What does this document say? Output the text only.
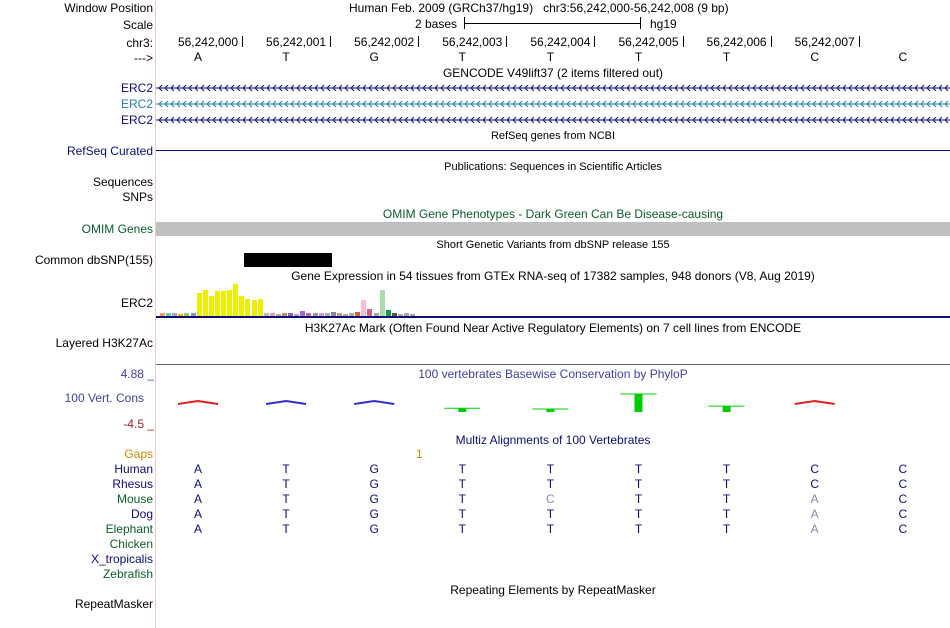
Window Position
Scale
chr3:
--->
Human Feb. 2009 (GRCh37/hg19) chr3:56,242,000-56,242,008 (9 bp)
2 bases	hg19
56,242,000 56,242,001 56,242,002 56,242,003 56,242,004 56,242,005 56,242,006 56,242,007
A	T	G	T	T	T	T	C	C
GENCODE V49lift37 (2 items filtered out)
ERC2
ERC2
ERC2
RefSeq genes from NCBI
RefSeq Curated
Publications: Sequences in Scientific Articles
Sequences
SNPs
OMIM Gene Phenotypes - Dark Green Can Be Disease-causing
OMIM Genes
Short Genetic Variants from dbSNP release 155
Common dbSNP(155)
Gene Expression in 54 tissues from GTEx RNA-seq of 17382 samples, 948 donors (V8, Aug 2019)
ERC2
H3K27Ac Mark (Often Found Near Active Regulatory Elements) on 7 cell lines from ENCODE
Layered H3K27Ac
100 vertebrates Basewise Conservation by PhyloP
4.88 _
100 Vert. Cons
-4.5 _
Multiz Alignments of 100 Vertebrates
Gaps	1
Human	A	T	G	T	T	T	T	C	C
Rhesus	A	T	G	T	T	T	T	C	C
Mouse	A	T	G	T	C	T	T	A	C
Dog	A	T	G	T	T	T	T	A	C
Elephant	A	T	G	T	T	T	T	A	C
Chicken
X_tropicalis
Zebrafish
Repeating Elements by RepeatMasker
RepeatMasker
